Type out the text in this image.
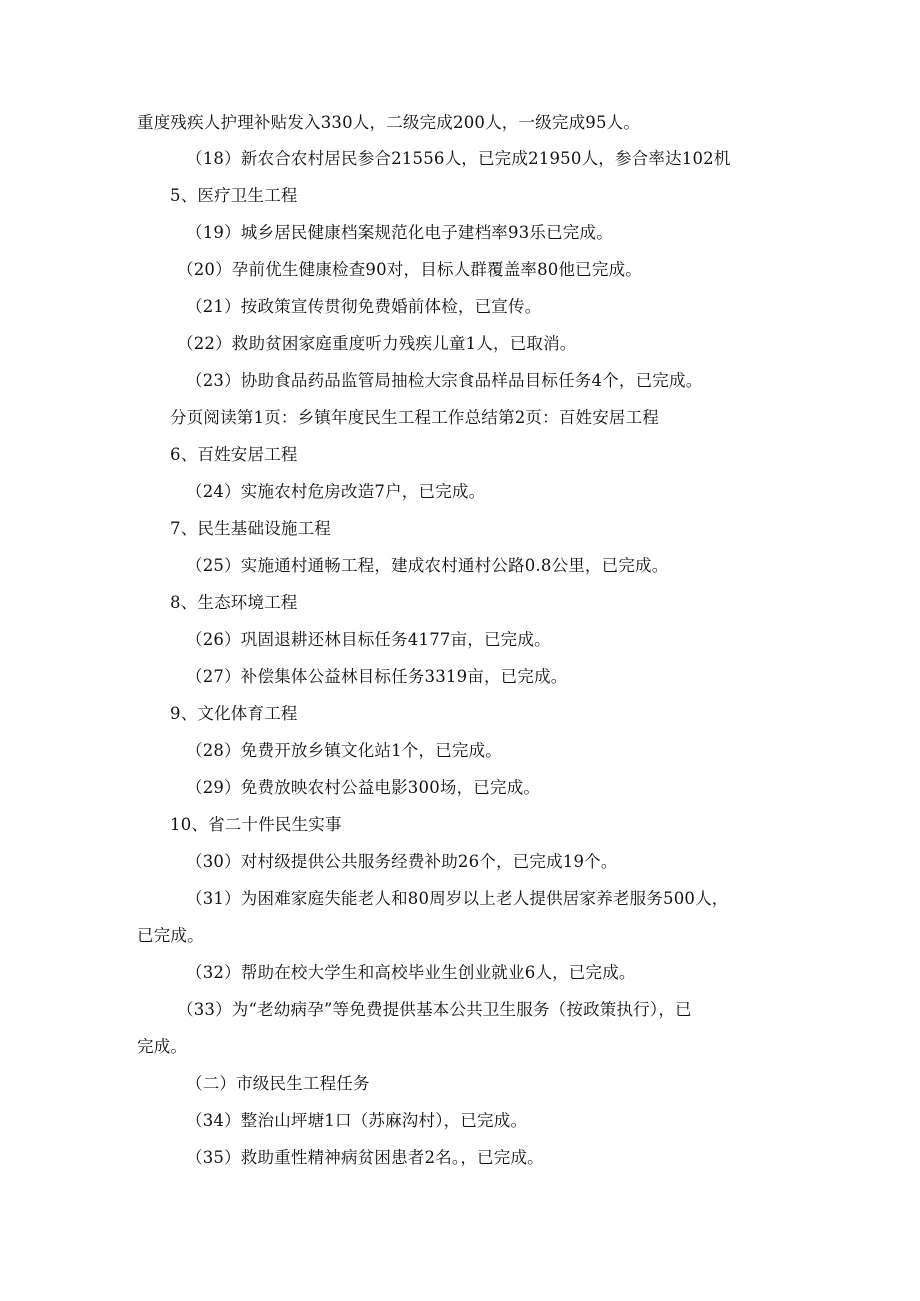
重度残疾人护理补贴发入330人，二级完成200人，一级完成95人。
（18）新农合农村居民参合21556人，已完成21950人，参合率达102机
5、医疗卫生工程
（19）城乡居民健康档案规范化电子建档率93乐已完成。
（20）孕前优生健康检查90对，目标人群覆盖率80他已完成。
（21）按政策宣传贯彻免费婚前体检，已宣传。
（22）救助贫困家庭重度听力残疾儿童1人，已取消。
（23）协助食品药品监管局抽检大宗食品样品目标任务4个，已完成。
分页阅读第1页：乡镇年度民生工程工作总结第2页：百姓安居工程
6、百姓安居工程
（24）实施农村危房改造7户，已完成。
7、民生基础设施工程
（25）实施通村通畅工程，建成农村通村公路0.8公里，已完成。
8、生态环境工程
（26）巩固退耕还林目标任务4177亩，已完成。
（27）补偿集体公益林目标任务3319亩，已完成。
9、文化体育工程
（28）免费开放乡镇文化站1个，已完成。
（29）免费放映农村公益电影300场，已完成。
10、省二十件民生实事
（30）对村级提供公共服务经费补助26个，已完成19个。
（31）为困难家庭失能老人和80周岁以上老人提供居家养老服务500人，
已完成。
（32）帮助在校大学生和高校毕业生创业就业6人，已完成。
（33）为“老幼病孕”等免费提供基本公共卫生服务（按政策执行），已
完成。
（二）市级民生工程任务
（34）整治山坪塘1口（苏麻沟村），已完成。
（35）救助重性精神病贫困患者2名。，已完成。
